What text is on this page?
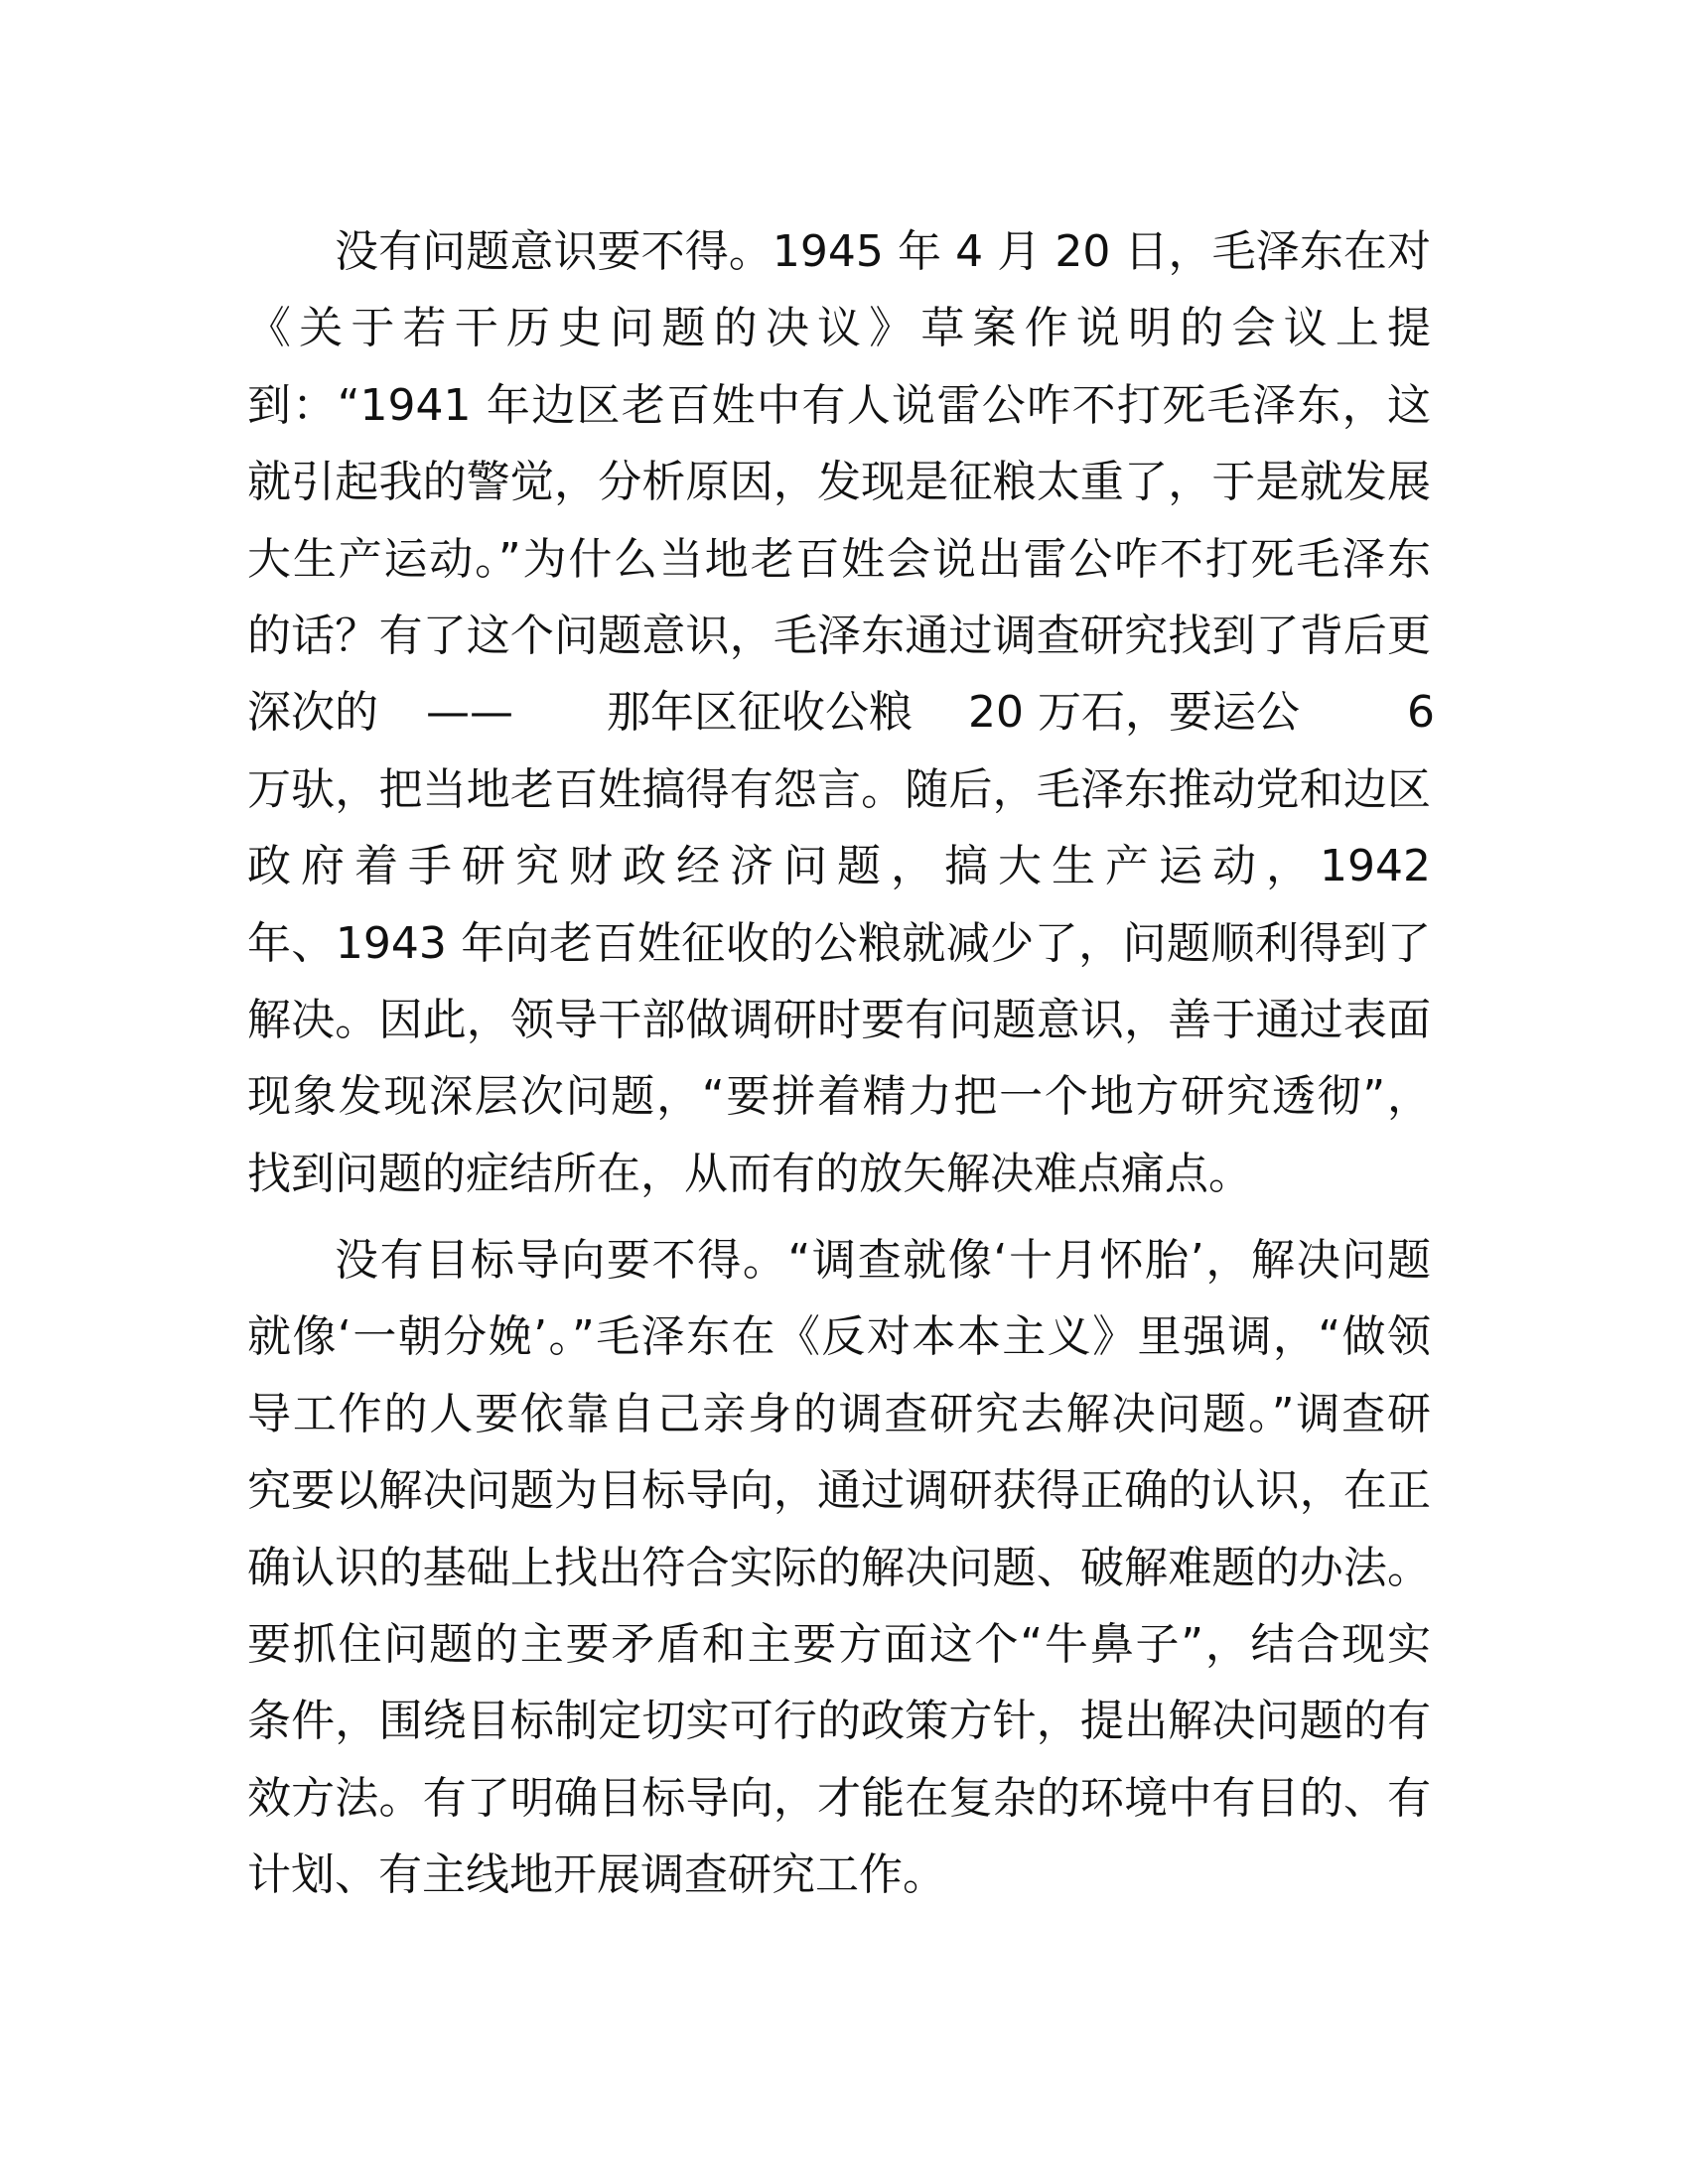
没有问题意识要不得。1945 年 4 月 20 日，毛泽东在对
《关于若干历史问题的决议》草案作说明的会议上提
到：“1941 年边区老百姓中有人说雷公咋不打死毛泽东，这
就引起我的警觉，分析原因，发现是征粮太重了，于是就发展
大生产运动。”为什么当地老百姓会说出雷公咋不打死毛泽东
的话？有了这个问题意识，毛泽东通过调查研究找到了背后更
深次的 —— 那年区征收公粮 20 万石，要运公 6
万驮，把当地老百姓搞得有怨言。随后，毛泽东推动党和边区
政府着手研究财政经济问题，搞大生产运动，1942
年、1943 年向老百姓征收的公粮就减少了，问题顺利得到了
解决。因此，领导干部做调研时要有问题意识，善于通过表面
现象发现深层次问题，“要拼着精力把一个地方研究透彻”，
找到问题的症结所在，从而有的放矢解决难点痛点。
没有目标导向要不得。“调查就像‘十月怀胎’，解决问题
就像‘一朝分娩’。”毛泽东在《反对本本主义》里强调，“做领
导工作的人要依靠自己亲身的调查研究去解决问题。”调查研
究要以解决问题为目标导向，通过调研获得正确的认识，在正
确认识的基础上找出符合实际的解决问题、破解难题的办法。
要抓住问题的主要矛盾和主要方面这个“牛鼻子”，结合现实
条件，围绕目标制定切实可行的政策方针，提出解决问题的有
效方法。有了明确目标导向，才能在复杂的环境中有目的、有
计划、有主线地开展调查研究工作。
